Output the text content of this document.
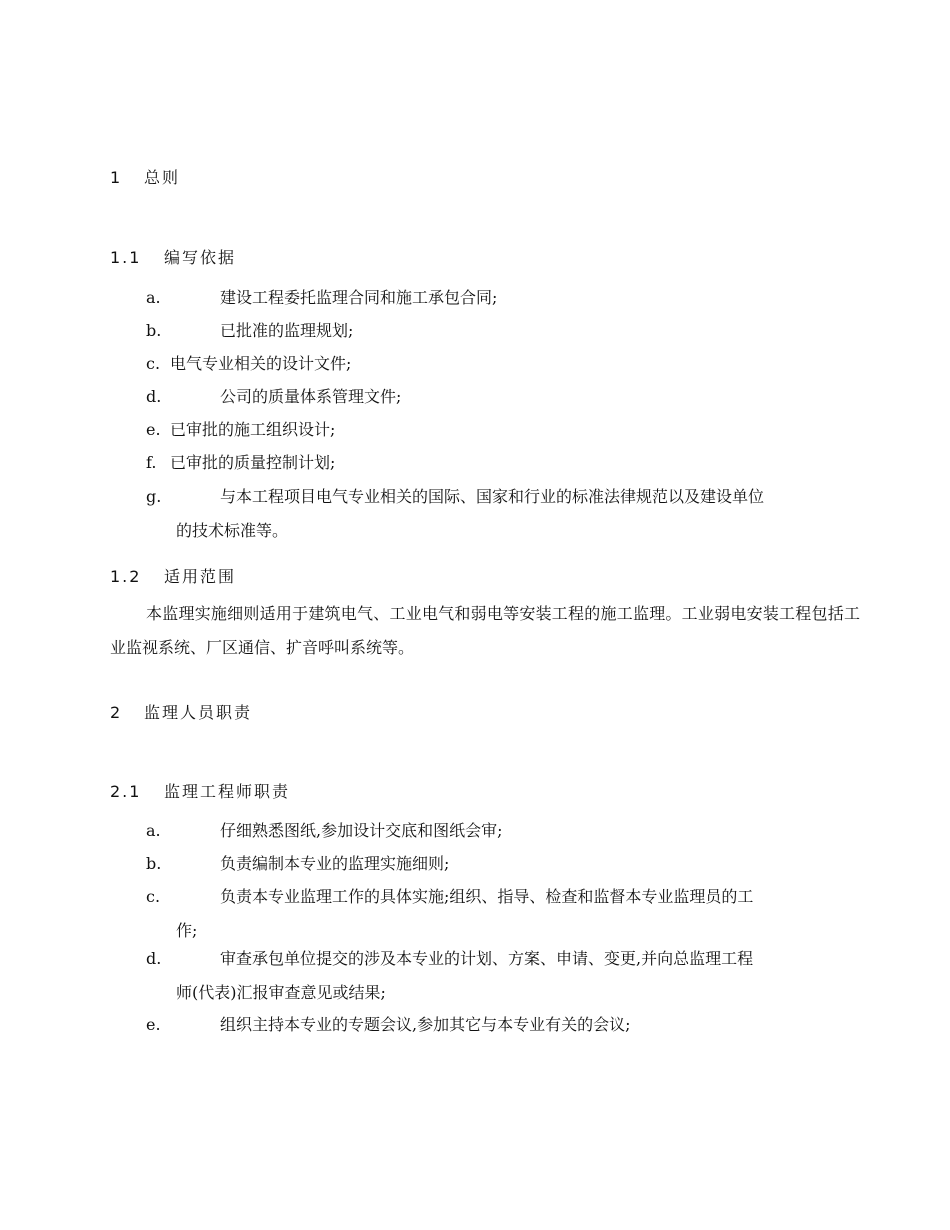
1 总则
1.1 编写依据
a.	建设工程委托监理合同和施工承包合同;
b.	已批准的监理规划;
c. 电气专业相关的设计文件;
d.	公司的质量体系管理文件;
e. 已审批的施工组织设计;
f. 已审批的质量控制计划;
g.	与本工程项目电气专业相关的国际、国家和行业的标准法律规范以及建设单位
的技术标准等。
1.2 适用范围
本监理实施细则适用于建筑电气、工业电气和弱电等安装工程的施工监理。工业弱电安装工程包括工业监视系统、厂区通信、扩音呼叫系统等。
2 监理人员职责
2.1 监理工程师职责
a.	仔细熟悉图纸,参加设计交底和图纸会审;
b.	负责编制本专业的监理实施细则;
c.	负责本专业监理工作的具体实施;组织、指导、检查和监督本专业监理员的工
作;
d.	审查承包单位提交的涉及本专业的计划、方案、申请、变更,并向总监理工程
师(代表)汇报审查意见或结果;
e.	组织主持本专业的专题会议,参加其它与本专业有关的会议;
